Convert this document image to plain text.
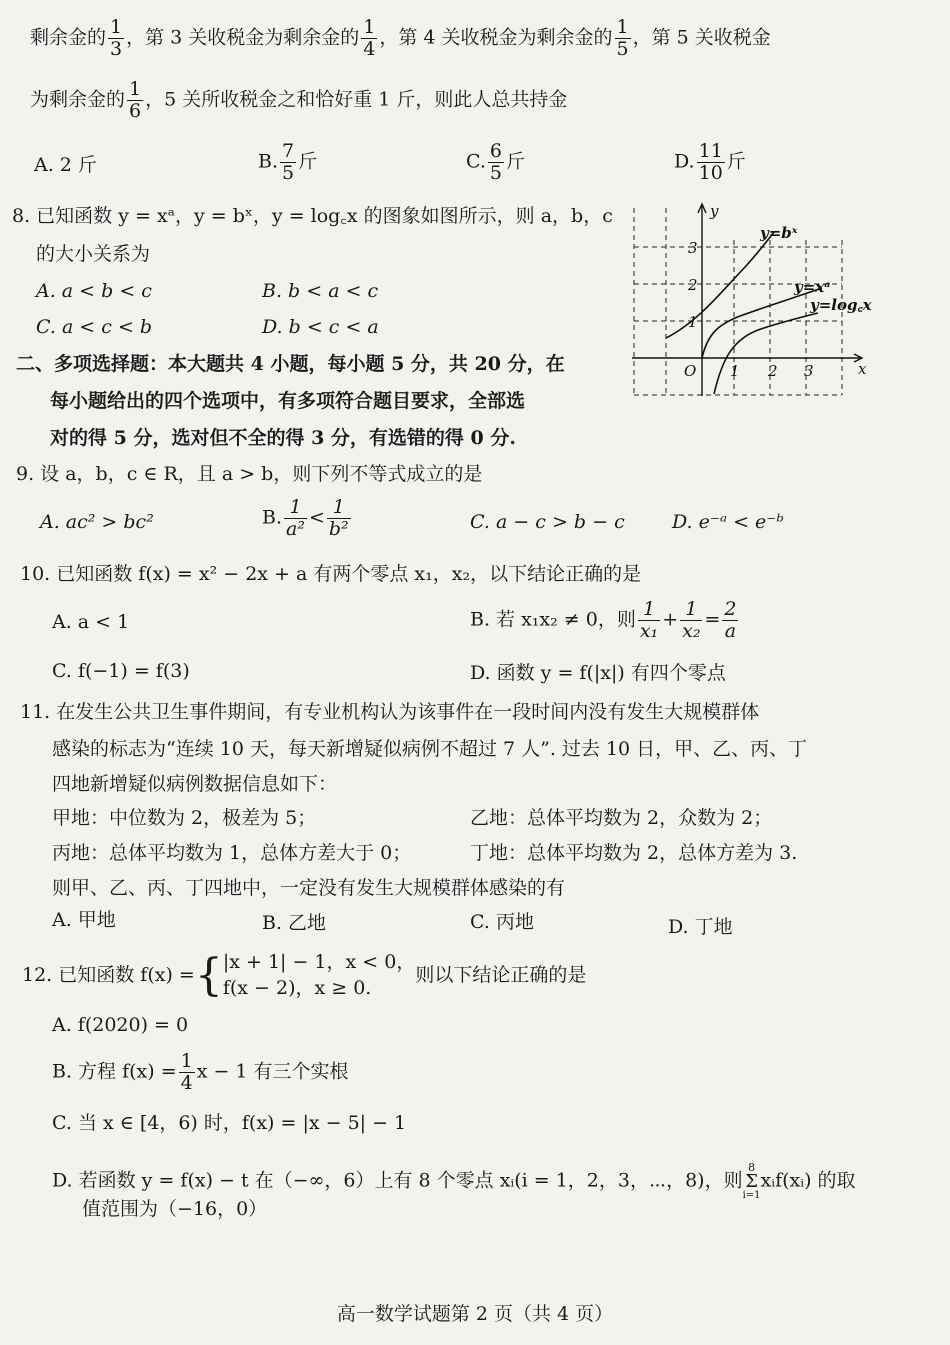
剩余金的 $\frac{1}{3}$ ，第 3 关收税金为剩余金的 $\frac{1}{4}$ ，第 4 关收税金为剩余金的 $\frac{1}{5}$ ，第 5 关收税金
为剩余金的 $\frac{1}{6}$ ，5 关所收税金之和恰好重 1 斤，则此人总共持金
A. 2 斤	B. $\frac{7}{5}$ 斤	C. $\frac{6}{5}$ 斤	D. $\frac{11}{10}$ 斤
8. 已知函数 y = xᵃ，y = bˣ，y = log꜀x 的图象如图所示，则 a，b，c
的大小关系为
A. a < b < c	B. b < a < c
C. a < c < b	D. b < c < a
y
x
O 1 2 3
1
2
3
y=bˣ
y=xᵃ
y=log꜀x
二、多项选择题：本大题共 4 小题，每小题 5 分，共 20 分，在
每小题给出的四个选项中，有多项符合题目要求，全部选
对的得 5 分，选对但不全的得 3 分，有选错的得 0 分.
9. 设 a，b，c ∈ R，且 a > b，则下列不等式成立的是
A. ac² > bc²	B. $\frac{1}{\text{a²}} < \frac{1}{\text{b²}}$	C. a − c > b − c D. e⁻ᵃ < e⁻ᵇ
10. 已知函数 f(x) = x² − 2x + a 有两个零点 x₁，x₂，以下结论正确的是
A. a < 1	B. 若 x₁x₂ ≠ 0，则 $\frac{1}{\text{x₁}} + \frac{1}{\text{x₂}} = \frac{2}{a}$
C. f(−1) = f(3)	D. 函数 y = f(|x|) 有四个零点
11. 在发生公共卫生事件期间，有专业机构认为该事件在一段时间内没有发生大规模群体
感染的标志为“连续 10 天，每天新增疑似病例不超过 7 人”. 过去 10 日，甲、乙、丙、丁
四地新增疑似病例数据信息如下：
甲地：中位数为 2，极差为 5；	乙地：总体平均数为 2，众数为 2；
丙地：总体平均数为 1，总体方差大于 0；	丁地：总体平均数为 2，总体方差为 3.
则甲、乙、丙、丁四地中，一定没有发生大规模群体感染的有
A. 甲地	B. 乙地	C. 丙地	D. 丁地
12. 已知函数 f(x) ={ |x + 1| − 1，x < 0，
f(x − 2)，x ≥ 0.
则以下结论正确的是
A. f(2020) = 0
B. 方程 $f(x) = \frac{1}{4}$ x − 1 有三个实根
C. 当 x ∈ [4，6) 时，f(x) = |x − 5| − 1
D. 若函数 y = f(x) − t 在（−∞，6）上有 8 个零点 xᵢ(i = 1，2，3，⋯，8)，则
8
Σ
i=1
xᵢf(xᵢ) 的取
值范围为（−16，0）
高一数学试题第 2 页（共 4 页）
